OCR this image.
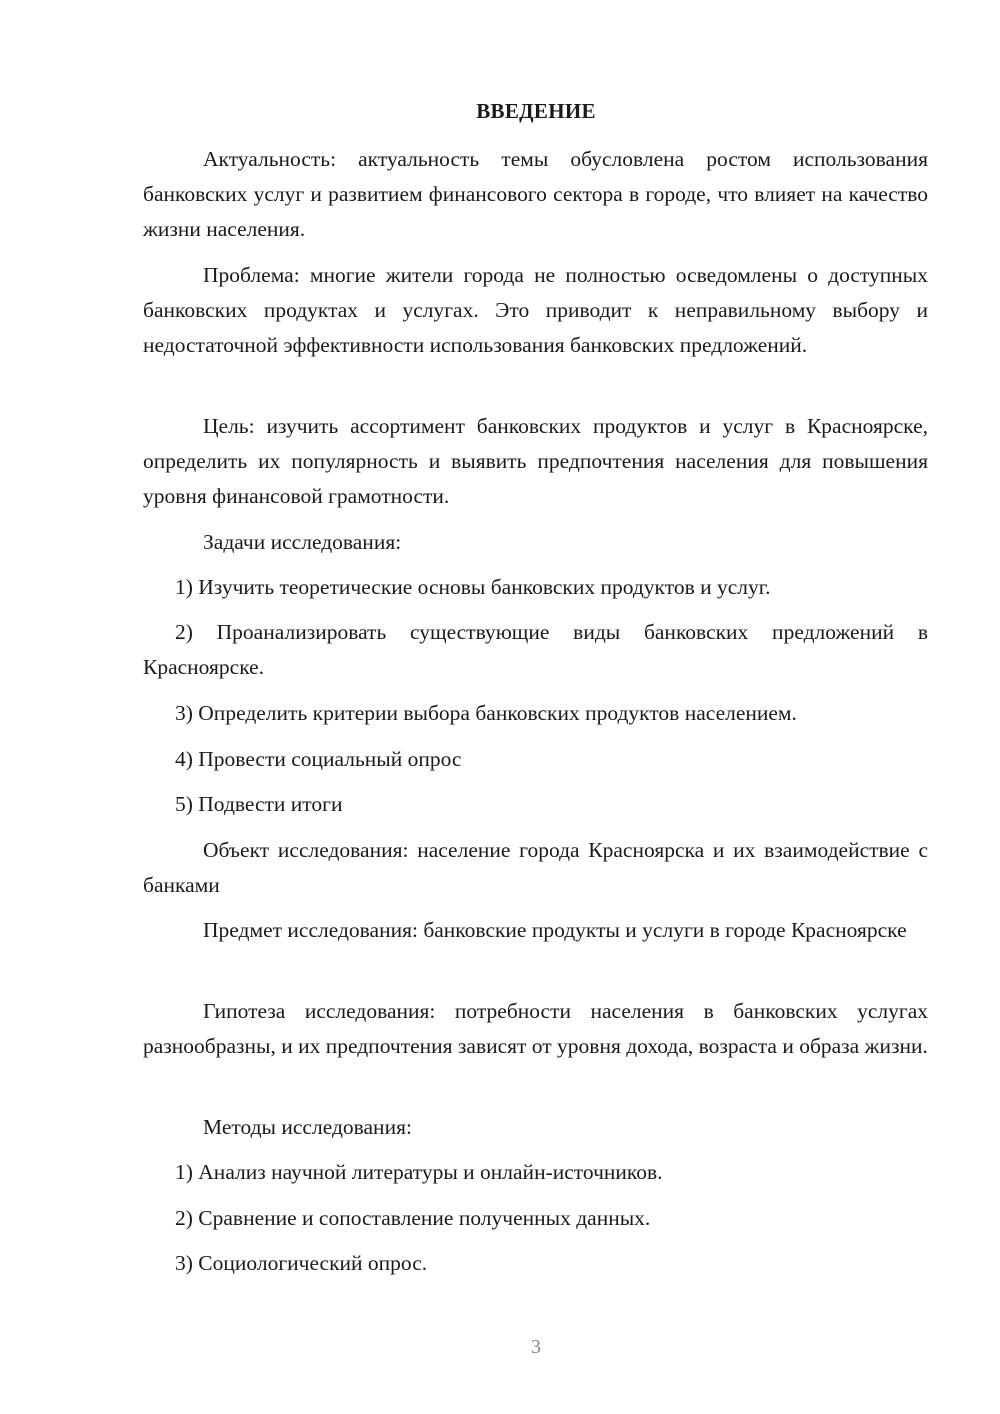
ВВЕДЕНИЕ

Актуальность: актуальность темы обусловлена ростом использования банковских услуг и развитием финансового сектора в городе, что влияет на качество жизни населения.

Проблема: многие жители города не полностью осведомлены о доступных банковских продуктах и услугах. Это приводит к неправильному выбору и недостаточной эффективности использования банковских предложений.

Цель: изучить ассортимент банковских продуктов и услуг в Красноярске, определить их популярность и выявить предпочтения населения для повышения уровня финансовой грамотности.

Задачи исследования:

1) Изучить теоретические основы банковских продуктов и услуг.

2) Проанализировать существующие виды банковских предложений в Красноярске.

3) Определить критерии выбора банковских продуктов населением.

4) Провести социальный опрос

5) Подвести итоги

Объект исследования: население города Красноярска и их взаимодействие с банками

Предмет исследования: банковские продукты и услуги в городе Красноярске

Гипотеза исследования: потребности населения в банковских услугах разнообразны, и их предпочтения зависят от уровня дохода, возраста и образа жизни.

Методы исследования:

1) Анализ научной литературы и онлайн-источников.

2) Сравнение и сопоставление полученных данных.

3) Социологический опрос.

3
